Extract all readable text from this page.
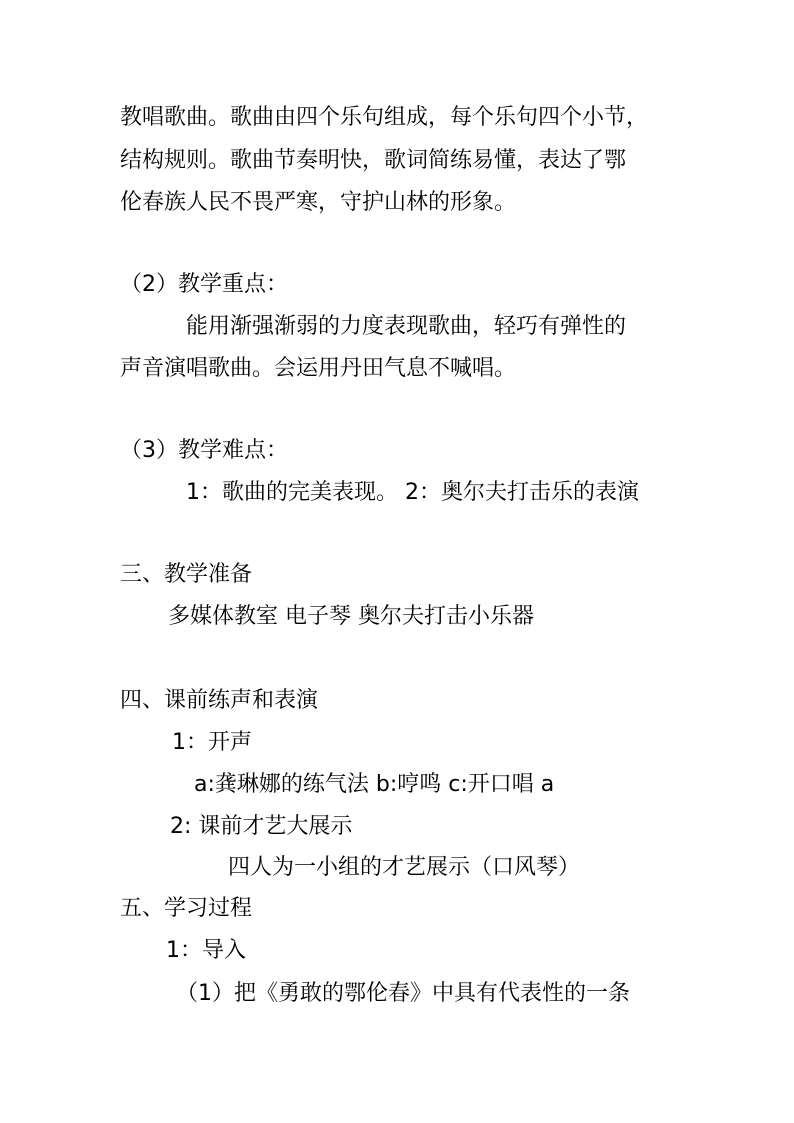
教唱歌曲。歌曲由四个乐句组成，每个乐句四个小节，
结构规则。歌曲节奏明快，歌词简练易懂，表达了鄂
伦春族人民不畏严寒，守护山林的形象。
（2）教学重点：
能用渐强渐弱的力度表现歌曲，轻巧有弹性的
声音演唱歌曲。会运用丹田气息不喊唱。
（3）教学难点：
1：歌曲的完美表现。 2：奥尔夫打击乐的表演
三、教学准备
多媒体教室 电子琴 奥尔夫打击小乐器
四、课前练声和表演
1：开声
a:龚琳娜的练气法 b:哼鸣 c:开口唱 a
2: 课前才艺大展示
四人为一小组的才艺展示（口风琴）
五、学习过程
1：导入
（1）把《勇敢的鄂伦春》中具有代表性的一条
